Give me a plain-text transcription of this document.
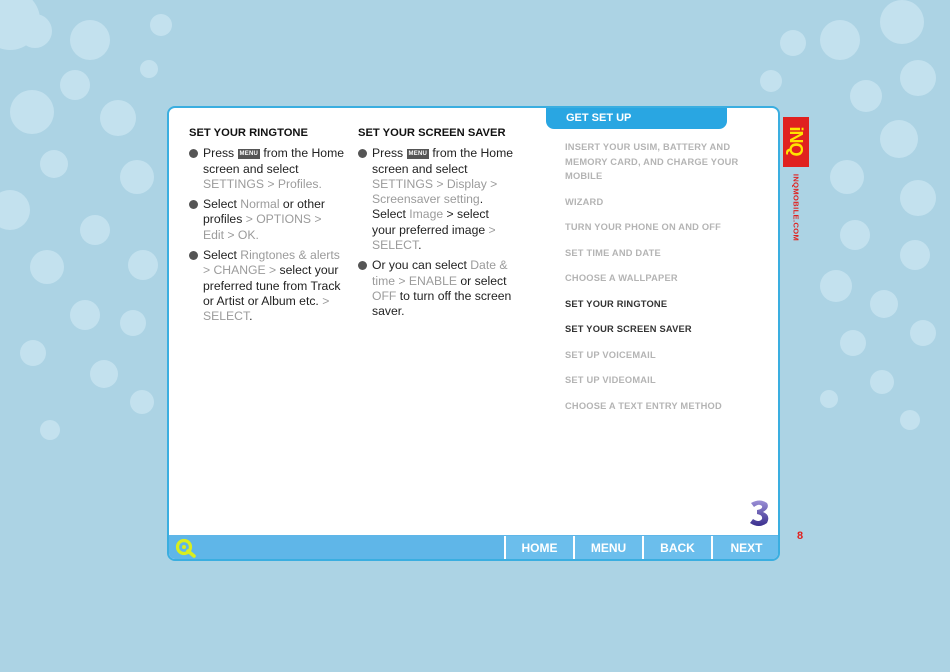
SET YOUR RINGTONE
Press MENU from the Home screen and select SETTINGS > Profiles.
Select Normal or other profiles > OPTIONS > Edit > OK.
Select Ringtones & alerts > CHANGE > select your preferred tune from Track or Artist or Album etc. > SELECT.
SET YOUR SCREEN SAVER
Press MENU from the Home screen and select SETTINGS > Display > Screensaver setting. Select Image > select your preferred image > SELECT.
Or you can select Date & time > ENABLE or select OFF to turn off the screen saver.
GET SET UP
INSERT YOUR USIM, BATTERY AND MEMORY CARD, AND CHARGE YOUR MOBILE
WIZARD
TURN YOUR PHONE ON AND OFF
SET TIME AND DATE
CHOOSE A WALLPAPER
SET YOUR RINGTONE
SET YOUR SCREEN SAVER
SET UP VOICEMAIL
SET UP VIDEOMAIL
CHOOSE A TEXT ENTRY METHOD
HOME	MENU	BACK	NEXT
iNQ
INQMOBILE.COM
8
